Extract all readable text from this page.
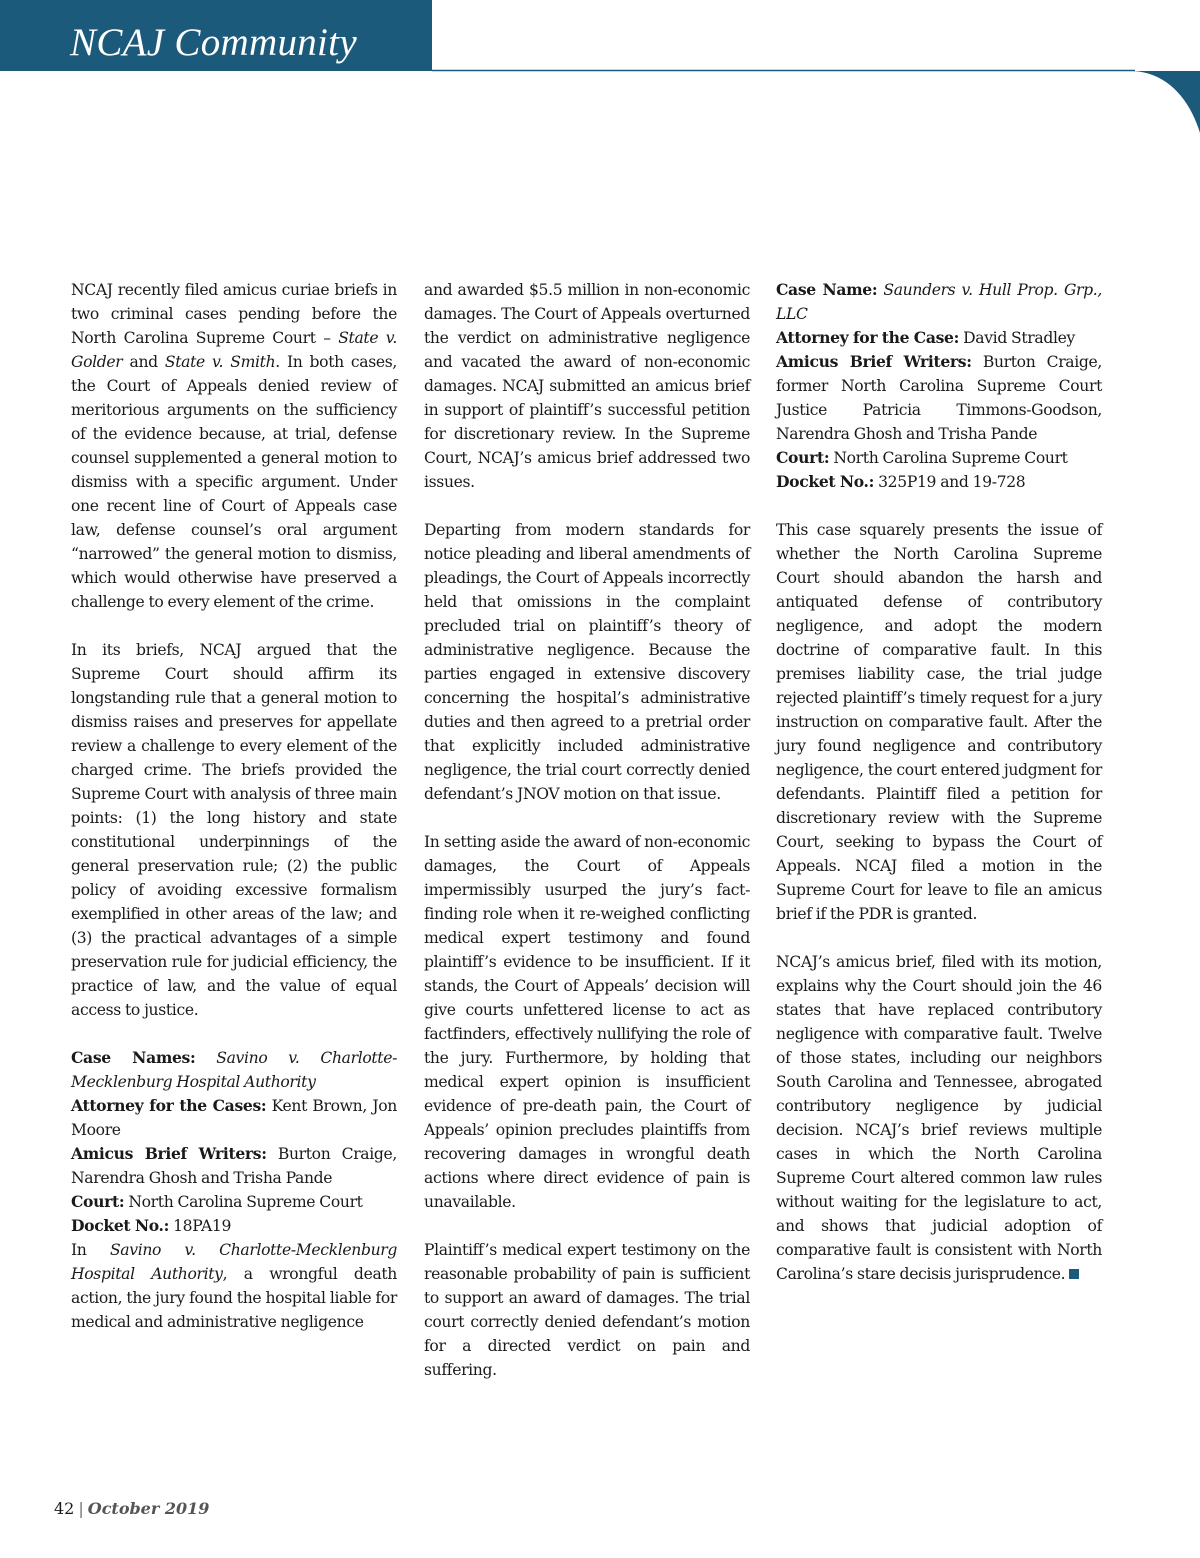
NCAJ Community

NCAJ recently filed amicus curiae briefs in two criminal cases pending before the North Carolina Supreme Court – State v. Golder and State v. Smith. In both cases, the Court of Appeals denied review of meritorious arguments on the sufficiency of the evidence because, at trial, defense counsel supplemented a general motion to dismiss with a specific argument. Under one recent line of Court of Appeals case law, defense counsel’s oral argument “narrowed” the general motion to dismiss, which would otherwise have preserved a challenge to every element of the crime.

In its briefs, NCAJ argued that the Supreme Court should affirm its longstanding rule that a general motion to dismiss raises and preserves for appellate review a challenge to every element of the charged crime. The briefs provided the Supreme Court with analysis of three main points: (1) the long history and state constitutional underpinnings of the general preservation rule; (2) the public policy of avoiding excessive formalism exemplified in other areas of the law; and (3) the practical advantages of a simple preservation rule for judicial efficiency, the practice of law, and the value of equal access to justice.

Case Names: Savino v. Charlotte-Mecklenburg Hospital Authority

Attorney for the Cases: Kent Brown, Jon Moore

Amicus Brief Writers: Burton Craige, Narendra Ghosh and Trisha Pande

Court: North Carolina Supreme Court

Docket No.: 18PA19

In Savino v. Charlotte-Mecklenburg Hospital Authority, a wrongful death action, the jury found the hospital liable for medical and administrative negligence

and awarded $5.5 million in non-economic damages. The Court of Appeals overturned the verdict on administrative negligence and vacated the award of non-economic damages. NCAJ submitted an amicus brief in support of plaintiff’s successful petition for discretionary review. In the Supreme Court, NCAJ’s amicus brief addressed two issues.

Departing from modern standards for notice pleading and liberal amendments of pleadings, the Court of Appeals incorrectly held that omissions in the complaint precluded trial on plaintiff’s theory of administrative negligence. Because the parties engaged in extensive discovery concerning the hospital’s administrative duties and then agreed to a pretrial order that explicitly included administrative negligence, the trial court correctly denied defendant’s JNOV motion on that issue.

In setting aside the award of non-economic damages, the Court of Appeals impermissibly usurped the jury’s fact-finding role when it re-weighed conflicting medical expert testimony and found plaintiff’s evidence to be insufficient. If it stands, the Court of Appeals’ decision will give courts unfettered license to act as factfinders, effectively nullifying the role of the jury. Furthermore, by holding that medical expert opinion is insufficient evidence of pre-death pain, the Court of Appeals’ opinion precludes plaintiffs from recovering damages in wrongful death actions where direct evidence of pain is unavailable.

Plaintiff’s medical expert testimony on the reasonable probability of pain is sufficient to support an award of damages. The trial court correctly denied defendant’s motion for a directed verdict on pain and suffering.

Case Name: Saunders v. Hull Prop. Grp., LLC

Attorney for the Case: David Stradley

Amicus Brief Writers: Burton Craige, former North Carolina Supreme Court Justice Patricia Timmons-Goodson, Narendra Ghosh and Trisha Pande

Court: North Carolina Supreme Court

Docket No.: 325P19 and 19-728

This case squarely presents the issue of whether the North Carolina Supreme Court should abandon the harsh and antiquated defense of contributory negligence, and adopt the modern doctrine of comparative fault. In this premises liability case, the trial judge rejected plaintiff’s timely request for a jury instruction on comparative fault. After the jury found negligence and contributory negligence, the court entered judgment for defendants. Plaintiff filed a petition for discretionary review with the Supreme Court, seeking to bypass the Court of Appeals. NCAJ filed a motion in the Supreme Court for leave to file an amicus brief if the PDR is granted.

NCAJ’s amicus brief, filed with its motion, explains why the Court should join the 46 states that have replaced contributory negligence with comparative fault. Twelve of those states, including our neighbors South Carolina and Tennessee, abrogated contributory negligence by judicial decision. NCAJ’s brief reviews multiple cases in which the North Carolina Supreme Court altered common law rules without waiting for the legislature to act, and shows that judicial adoption of comparative fault is consistent with North Carolina’s stare decisis jurisprudence.

42 | October 2019
